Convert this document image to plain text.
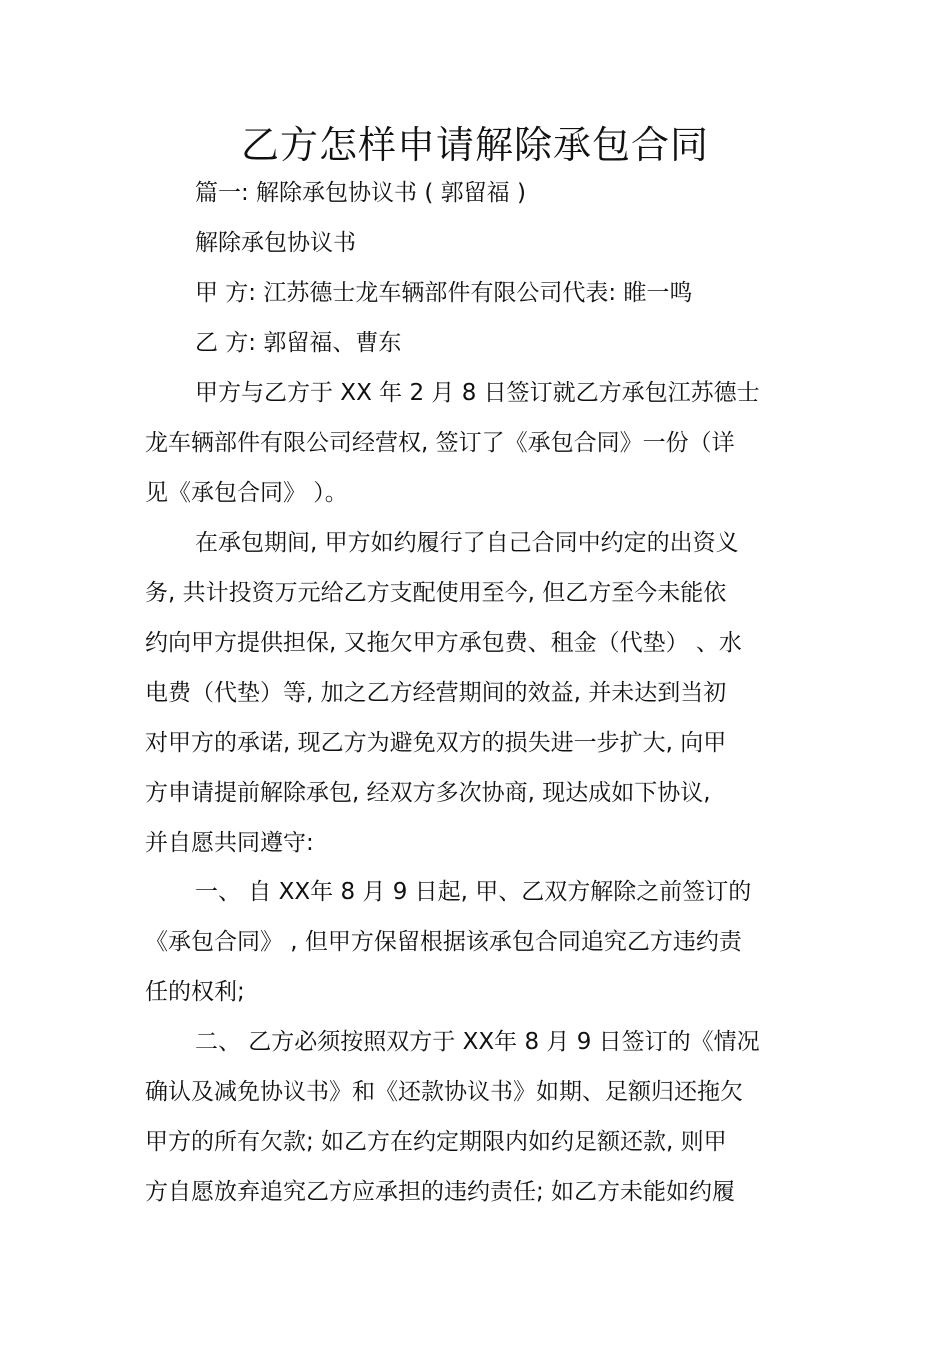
乙方怎样申请解除承包合同
篇一: 解除承包协议书 ( 郭留福 )
解除承包协议书
甲 方: 江苏德士龙车辆部件有限公司代表: 睢一鸣
乙 方: 郭留福、曹东
甲方与乙方于 XX 年 2 月 8 日签订就乙方承包江苏德士
龙车辆部件有限公司经营权, 签订了《承包合同》一份（详
见《承包合同》 ）。
在承包期间, 甲方如约履行了自己合同中约定的出资义
务, 共计投资万元给乙方支配使用至今, 但乙方至今未能依
约向甲方提供担保, 又拖欠甲方承包费、租金（代垫） 、水
电费（代垫）等, 加之乙方经营期间的效益, 并未达到当初
对甲方的承诺, 现乙方为避免双方的损失进一步扩大, 向甲
方申请提前解除承包, 经双方多次协商, 现达成如下协议,
并自愿共同遵守:
一、 自 XX年 8 月 9 日起, 甲、乙双方解除之前签订的
《承包合同》 , 但甲方保留根据该承包合同追究乙方违约责
任的权利;
二、 乙方必须按照双方于 XX年 8 月 9 日签订的《情况
确认及减免协议书》和《还款协议书》如期、足额归还拖欠
甲方的所有欠款; 如乙方在约定期限内如约足额还款, 则甲
方自愿放弃追究乙方应承担的违约责任; 如乙方未能如约履
